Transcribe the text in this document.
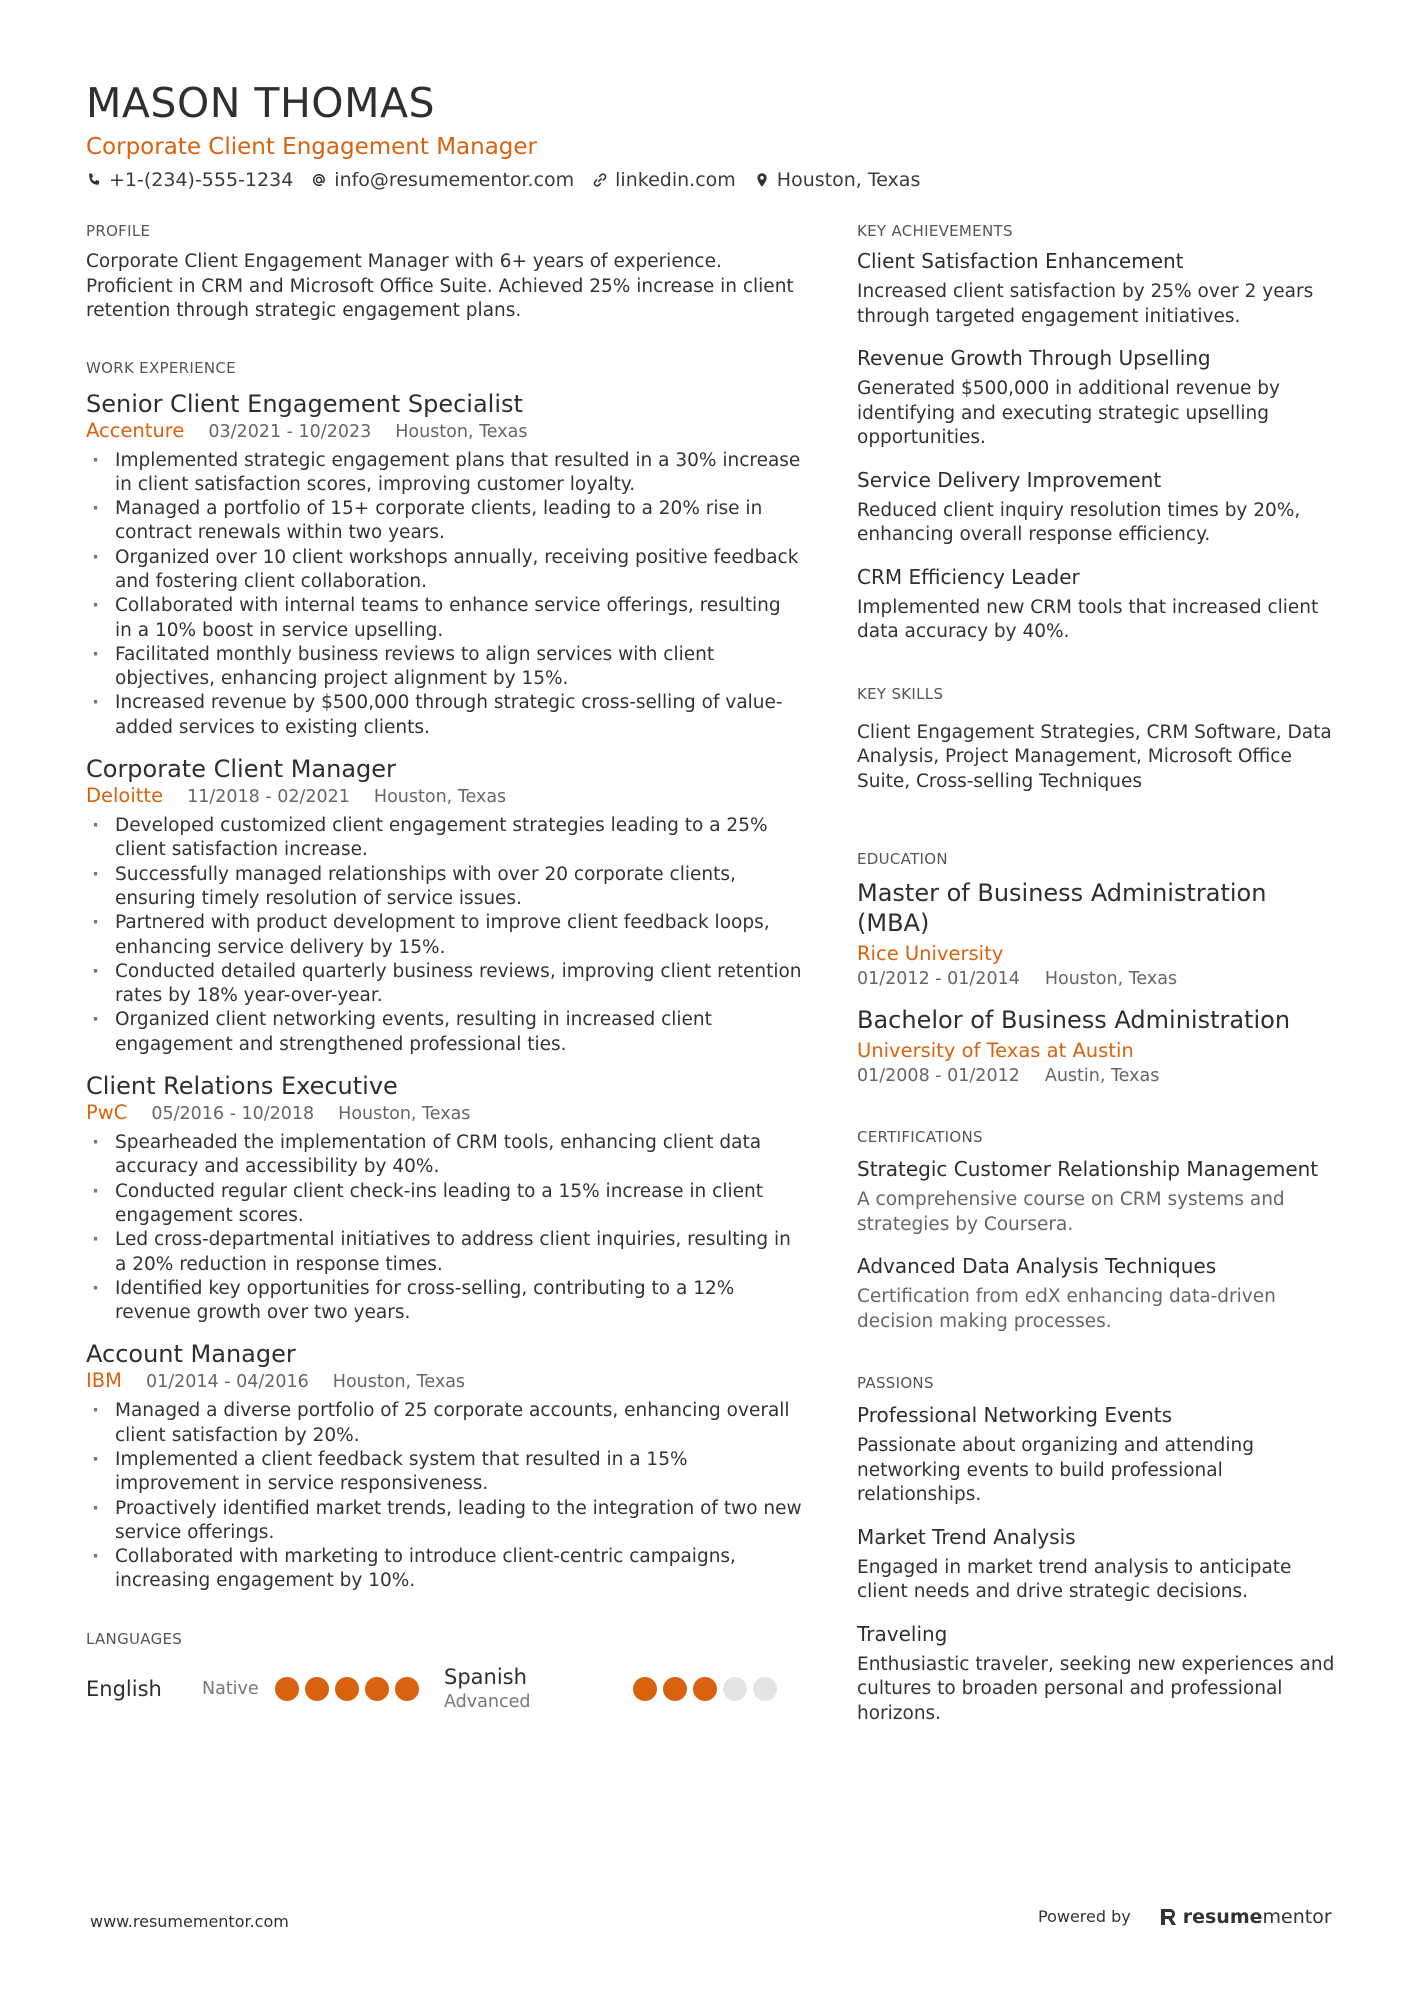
MASON THOMAS
Corporate Client Engagement Manager
+1-(234)-555-1234 info@resumementor.com linkedin.com Houston, Texas
PROFILE
Corporate Client Engagement Manager with 6+ years of experience. Proficient in CRM and Microsoft Office Suite. Achieved 25% increase in client retention through strategic engagement plans.
WORK EXPERIENCE
Senior Client Engagement Specialist
Accenture 03/2021 - 10/2023 Houston, Texas
· Implemented strategic engagement plans that resulted in a 30% increase in client satisfaction scores, improving customer loyalty.
· Managed a portfolio of 15+ corporate clients, leading to a 20% rise in contract renewals within two years.
· Organized over 10 client workshops annually, receiving positive feedback and fostering client collaboration.
· Collaborated with internal teams to enhance service offerings, resulting in a 10% boost in service upselling.
· Facilitated monthly business reviews to align services with client objectives, enhancing project alignment by 15%.
· Increased revenue by $500,000 through strategic cross-selling of value-added services to existing clients.
Corporate Client Manager
Deloitte 11/2018 - 02/2021 Houston, Texas
· Developed customized client engagement strategies leading to a 25% client satisfaction increase.
· Successfully managed relationships with over 20 corporate clients, ensuring timely resolution of service issues.
· Partnered with product development to improve client feedback loops, enhancing service delivery by 15%.
· Conducted detailed quarterly business reviews, improving client retention rates by 18% year-over-year.
· Organized client networking events, resulting in increased client engagement and strengthened professional ties.
Client Relations Executive
PwC 05/2016 - 10/2018 Houston, Texas
· Spearheaded the implementation of CRM tools, enhancing client data accuracy and accessibility by 40%.
· Conducted regular client check-ins leading to a 15% increase in client engagement scores.
· Led cross-departmental initiatives to address client inquiries, resulting in a 20% reduction in response times.
· Identified key opportunities for cross-selling, contributing to a 12% revenue growth over two years.
Account Manager
IBM 01/2014 - 04/2016 Houston, Texas
· Managed a diverse portfolio of 25 corporate accounts, enhancing overall client satisfaction by 20%.
· Implemented a client feedback system that resulted in a 15% improvement in service responsiveness.
· Proactively identified market trends, leading to the integration of two new service offerings.
· Collaborated with marketing to introduce client-centric campaigns, increasing engagement by 10%.
LANGUAGES
English	Native	Spanish
Advanced
KEY ACHIEVEMENTS
Client Satisfaction Enhancement
Increased client satisfaction by 25% over 2 years through targeted engagement initiatives.
Revenue Growth Through Upselling
Generated $500,000 in additional revenue by identifying and executing strategic upselling opportunities.
Service Delivery Improvement
Reduced client inquiry resolution times by 20%, enhancing overall response efficiency.
CRM Efficiency Leader
Implemented new CRM tools that increased client data accuracy by 40%.
KEY SKILLS
Client Engagement Strategies, CRM Software, Data Analysis, Project Management, Microsoft Office Suite, Cross-selling Techniques
EDUCATION
Master of Business Administration (MBA)
Rice University
01/2012 - 01/2014 Houston, Texas
Bachelor of Business Administration
University of Texas at Austin
01/2008 - 01/2012 Austin, Texas
CERTIFICATIONS
Strategic Customer Relationship Management
A comprehensive course on CRM systems and strategies by Coursera.
Advanced Data Analysis Techniques
Certification from edX enhancing data-driven decision making processes.
PASSIONS
Professional Networking Events
Passionate about organizing and attending networking events to build professional relationships.
Market Trend Analysis
Engaged in market trend analysis to anticipate client needs and drive strategic decisions.
Traveling
Enthusiastic traveler, seeking new experiences and cultures to broaden personal and professional horizons.
www.resumementor.com	Powered by	resumementor
